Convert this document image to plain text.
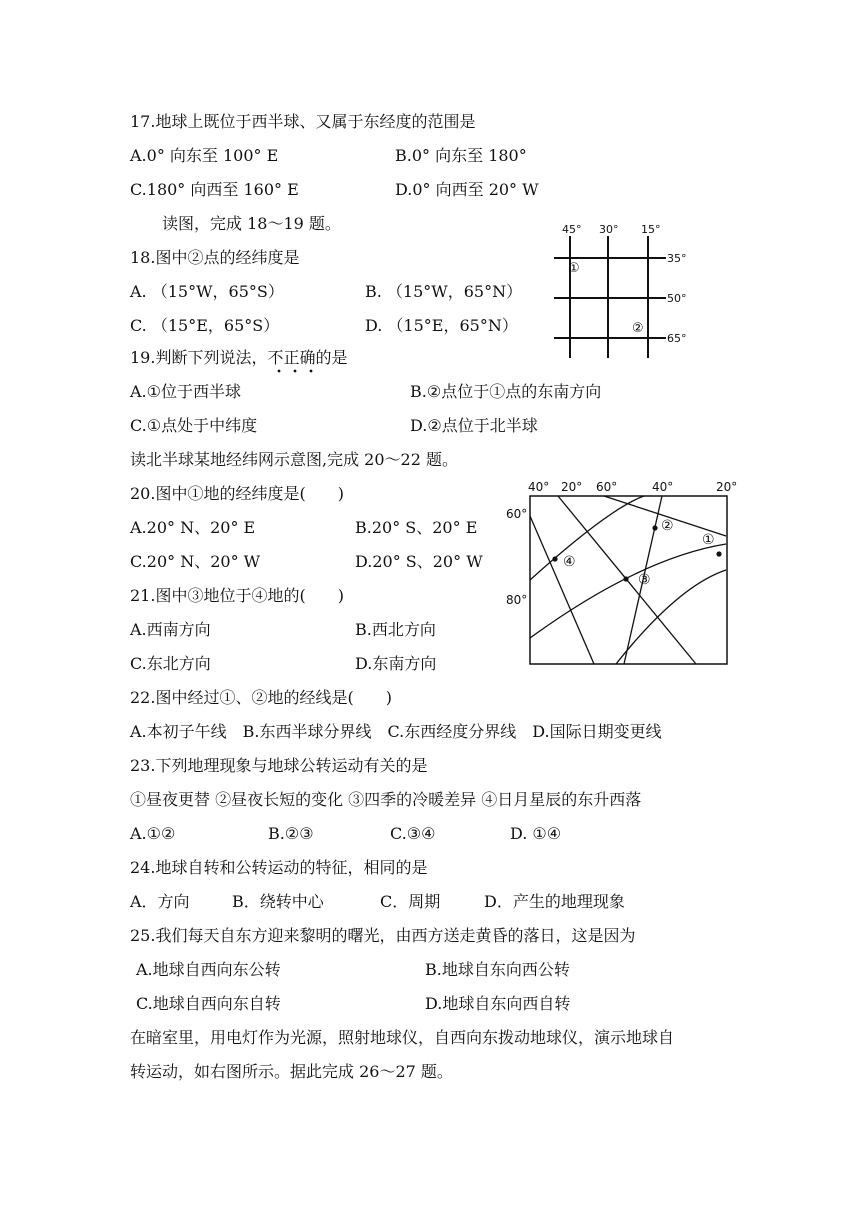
17.地球上既位于西半球、又属于东经度的范围是
A.0° 向东至 100° E	B.0° 向东至 180°
C.180° 向西至 160° E	D.0° 向西至 20° W
读图，完成 18～19 题。
18.图中②点的经纬度是
A. （15°W，65°S）	B. （15°W，65°N）
C. （15°E，65°S）	D. （15°E，65°N）
19.判断下列说法，不正确的是
A.①位于西半球	B.②点位于①点的东南方向
C.①点处于中纬度	D.②点位于北半球
读北半球某地经纬网示意图,完成 20～22 题。
20.图中①地的经纬度是(　　)
A.20° N、20° E	B.20° S、20° E
C.20° N、20° W	D.20° S、20° W
21.图中③地位于④地的(　　)
A.西南方向	B.西北方向
C.东北方向	D.东南方向
22.图中经过①、②地的经线是(　　)
A.本初子午线　B.东西半球分界线　C.东西经度分界线　D.国际日期变更线
23.下列地理现象与地球公转运动有关的是
①昼夜更替 ②昼夜长短的变化 ③四季的冷暖差异 ④日月星辰的东升西落
A.①②	B.②③	C.③④	D. ①④
24.地球自转和公转运动的特征，相同的是
A．方向	B．绕转中心	C．周期	D．产生的地理现象
25.我们每天自东方迎来黎明的曙光，由西方送走黄昏的落日，这是因为
A.地球自西向东公转	B.地球自东向西公转
C.地球自西向东自转	D.地球自东向西自转
在暗室里，用电灯作为光源，照射地球仪，自西向东拨动地球仪，演示地球自
转运动，如右图所示。据此完成 26～27 题。
45° 30° 15°
35°
50°
65°
①
②
40° 20° 60°	40°	20°
60°
80°
①
②
③
④
